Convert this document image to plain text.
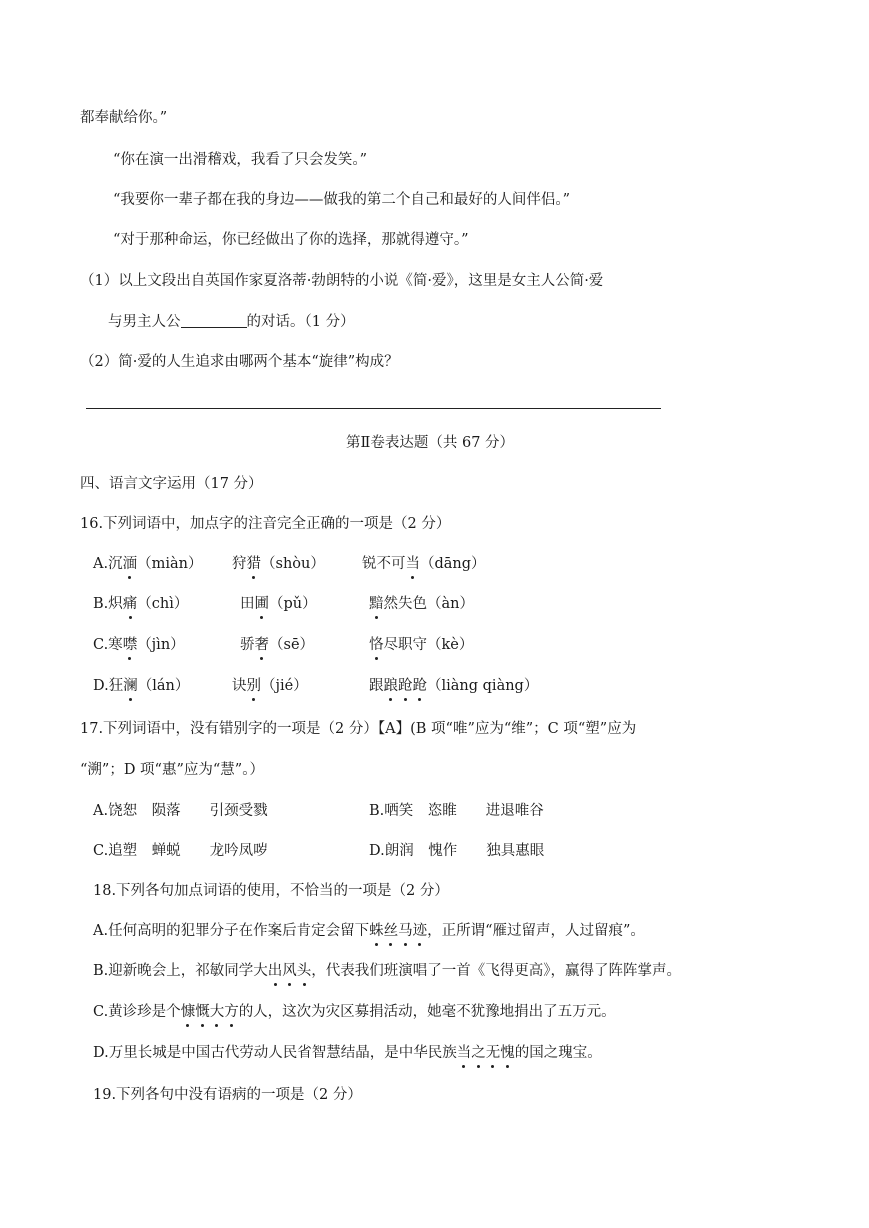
都奉献给你。”
“你在演一出滑稽戏，我看了只会发笑。”
“我要你一辈子都在我的身边——做我的第二个自己和最好的人间伴侣。”
“对于那种命运，你已经做出了你的选择，那就得遵守。”
（1）以上文段出自英国作家夏洛蒂·勃朗特的小说《简·爱》，这里是女主人公简·爱
与男主人公	的对话。（1 分）
（2）简·爱的人生追求由哪两个基本“旋律”构成？
第Ⅱ卷表达题（共 67 分）
四、语言文字运用（17 分）
16.下列词语中，加点字的注音完全正确的一项是（2 分）
A.沉湎（miàn） 狩猎（shòu）	锐不可当（dāng）
B.炽痛（chì）	田圃（pǔ）	黯然失色（àn）
C.寒噤（jìn）	骄奢（sē）	恪尽职守（kè）
D.狂澜（lán）	诀别（jié）	跟踉跄跄（liàng qiàng）
17.下列词语中，没有错别字的一项是（2 分）【A】(B 项“唯”应为“维”；C 项“塑”应为
“溯”；D 项“惠”应为“慧”。）
A.饶恕　陨落　　引颈受戮	B.哂笑　恣睢　　进退唯谷
C.追塑　蝉蜕　　龙吟凤哕	D.朗润　愧作　　独具惠眼
18.下列各句加点词语的使用，不恰当的一项是（2 分）
A.任何高明的犯罪分子在作案后肯定会留下蛛丝马迹，正所谓“雁过留声，人过留痕”。
B.迎新晚会上，祁敏同学大出风头，代表我们班演唱了一首《飞得更高》，赢得了阵阵掌声。
C.黄诊珍是个慷慨大方的人，这次为灾区募捐活动，她毫不犹豫地捐出了五万元。
D.万里长城是中国古代劳动人民省智慧结晶，是中华民族当之无愧的国之瑰宝。
19.下列各句中没有语病的一项是（2 分）
